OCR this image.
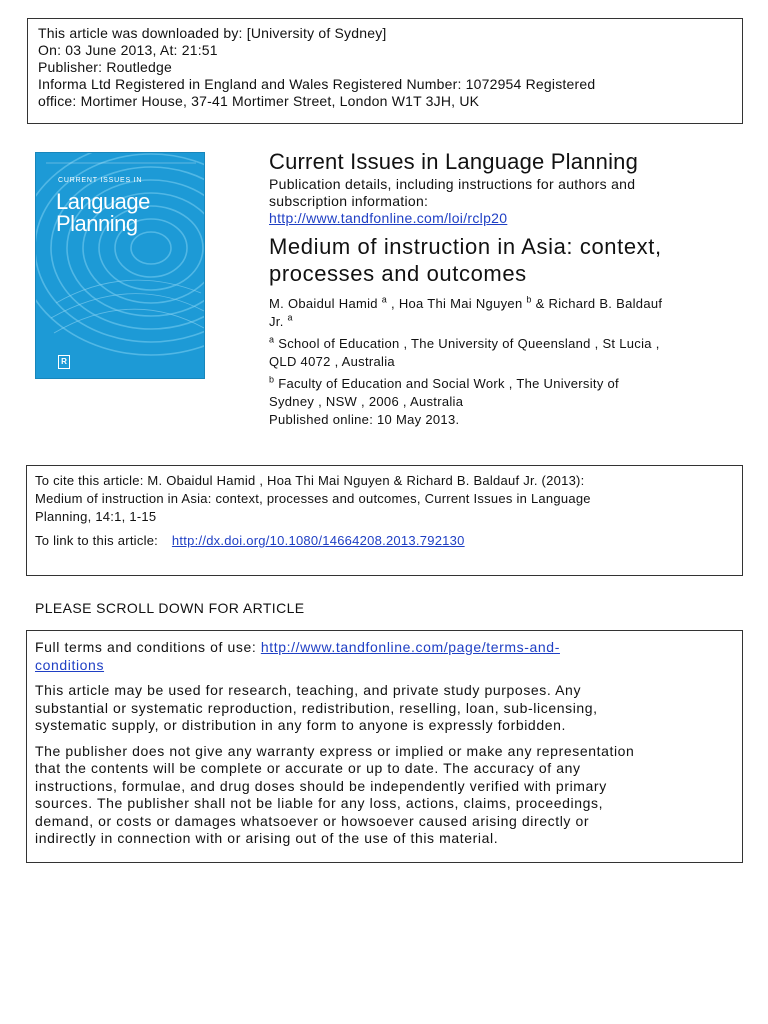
This article was downloaded by: [University of Sydney]
On: 03 June 2013, At: 21:51
Publisher: Routledge
Informa Ltd Registered in England and Wales Registered Number: 1072954 Registered
office: Mortimer House, 37-41 Mortimer Street, London W1T 3JH, UK
CURRENT ISSUES IN
Language
Planning
R
Current Issues in Language Planning
Publication details, including instructions for authors and
subscription information:
http://www.tandfonline.com/loi/rclp20
Medium of instruction in Asia: context,
processes and outcomes
M. Obaidul Hamid $^a$ , Hoa Thi Mai Nguyen $^b$ & Richard B. Baldauf
Jr. $^a$
$^a$ School of Education , The University of Queensland , St Lucia ,
QLD 4072 , Australia
$^b$ Faculty of Education and Social Work , The University of
Sydney , NSW , 2006 , Australia
Published online: 10 May 2013.
To cite this article: M. Obaidul Hamid , Hoa Thi Mai Nguyen & Richard B. Baldauf Jr. (2013):
Medium of instruction in Asia: context, processes and outcomes, Current Issues in Language
Planning, 14:1, 1-15
To link to this article: http://dx.doi.org/10.1080/14664208.2013.792130
PLEASE SCROLL DOWN FOR ARTICLE

Full terms and conditions of use: http://www.tandfonline.com/page/terms-and-
conditions

This article may be used for research, teaching, and private study purposes. Any
substantial or systematic reproduction, redistribution, reselling, loan, sub-licensing,
systematic supply, or distribution in any form to anyone is expressly forbidden.

The publisher does not give any warranty express or implied or make any representation
that the contents will be complete or accurate or up to date. The accuracy of any
instructions, formulae, and drug doses should be independently verified with primary
sources. The publisher shall not be liable for any loss, actions, claims, proceedings,
demand, or costs or damages whatsoever or howsoever caused arising directly or
indirectly in connection with or arising out of the use of this material.
